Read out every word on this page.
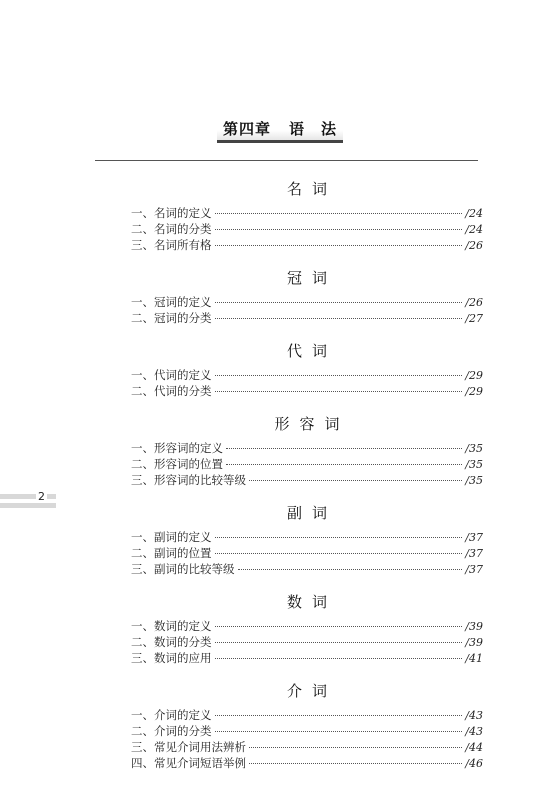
第四章 语　法
名词
一、名词的定义	/24
二、名词的分类	/24
三、名词所有格	/26
冠词
一、冠词的定义	/26
二、冠词的分类	/27
代词
一、代词的定义	/29
二、代词的分类	/29
形容词
一、形容词的定义	/35
二、形容词的位置	/35
三、形容词的比较等级	/35
副词
一、副词的定义	/37
二、副词的位置	/37
三、副词的比较等级	/37
数词
一、数词的定义	/39
二、数词的分类	/39
三、数词的应用	/41
介词
一、介词的定义	/43
二、介词的分类	/43
三、常见介词用法辨析	/44
四、常见介词短语举例	/46
2
